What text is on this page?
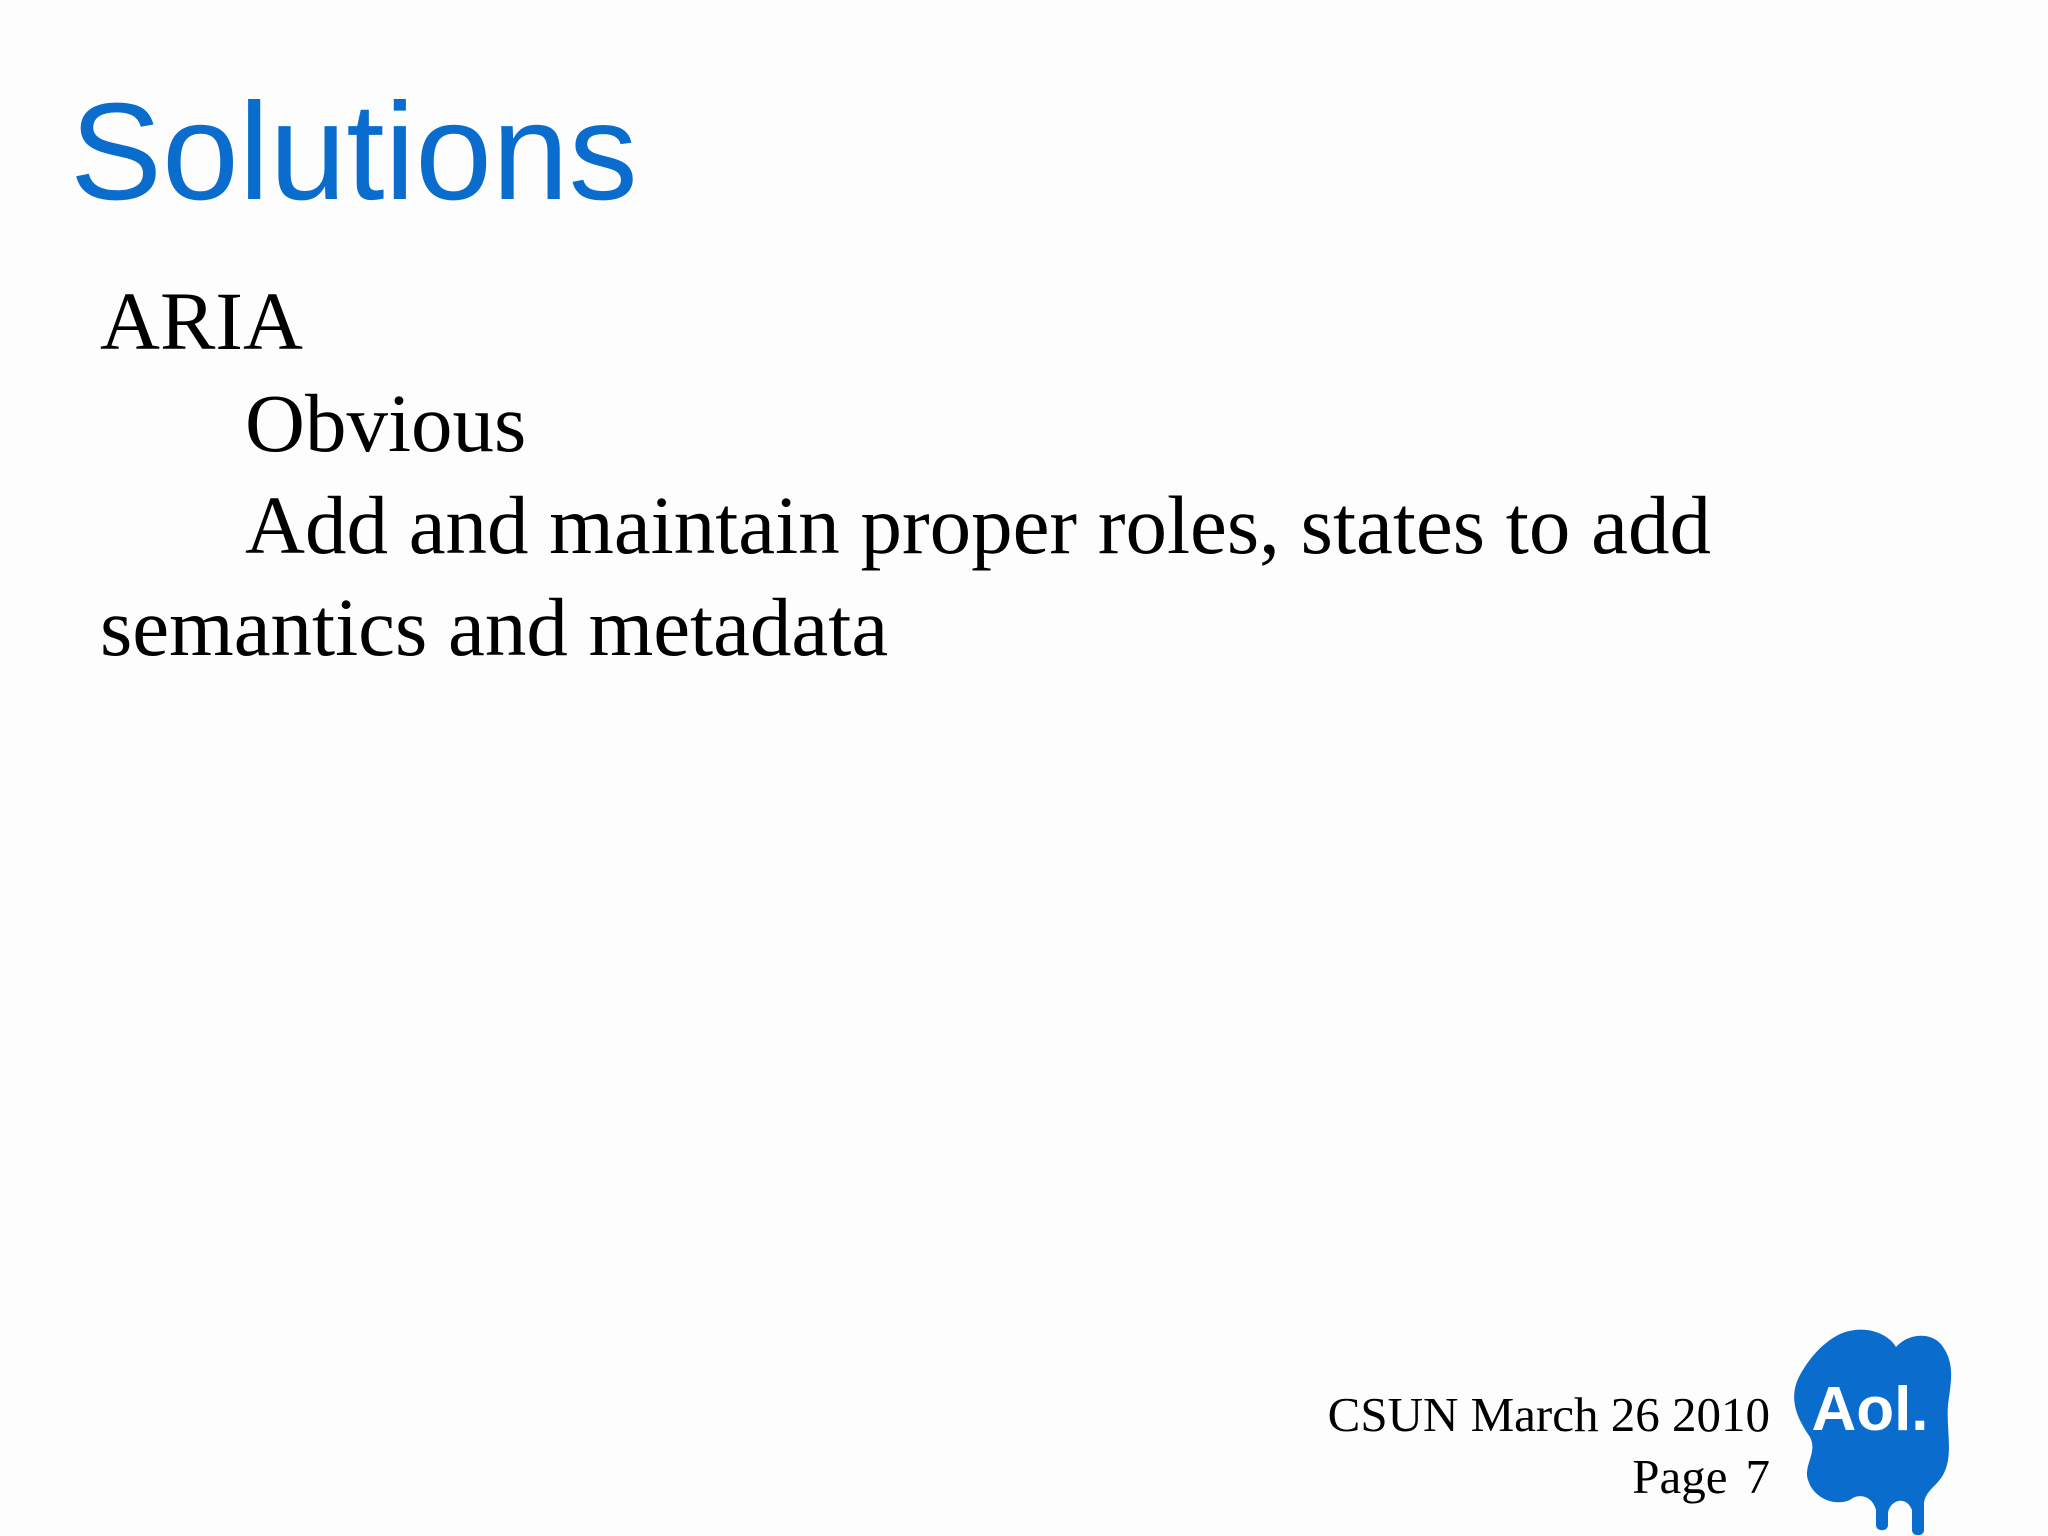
Solutions
ARIA
Obvious
Add and maintain proper roles, states to add
semantics and metadata
CSUN March 26 2010
Page 7
Aol.
